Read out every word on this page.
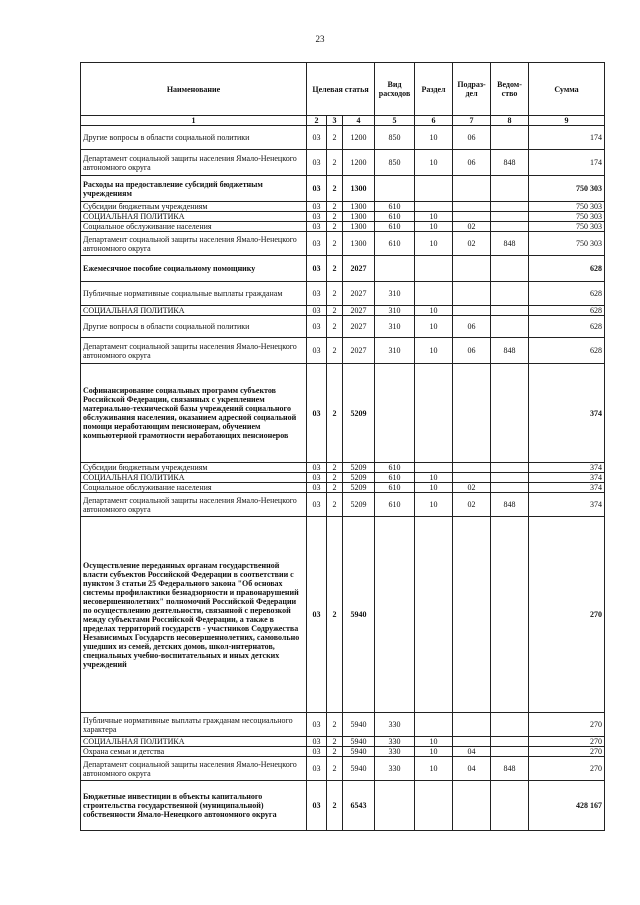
23
Наименование	Целевая статья			Вид расходов	Раздел	Подраз-дел	Ведом-ство	Сумма
1	2	3	4	5	6	7	8	9
Другие вопросы в области социальной политики	03	2	1200	850	10	06		174
Департамент социальной защиты населения Ямало-Ненецкого автономного округа	03	2	1200	850	10	06	848	174
Расходы на предоставление субсидий бюджетным учреждениям	03	2	1300					750 303
Субсидии бюджетным учреждениям	03	2	1300	610				750 303
СОЦИАЛЬНАЯ ПОЛИТИКА	03	2	1300	610	10			750 303
Социальное обслуживание населения	03	2	1300	610	10	02		750 303
Департамент социальной защиты населения Ямало-Ненецкого автономного округа	03	2	1300	610	10	02	848	750 303
Ежемесячное пособие социальному помощнику	03	2	2027					628
Публичные нормативные социальные выплаты гражданам	03	2	2027	310				628
СОЦИАЛЬНАЯ ПОЛИТИКА	03	2	2027	310	10			628
Другие вопросы в области социальной политики	03	2	2027	310	10	06		628
Департамент социальной защиты населения Ямало-Ненецкого автономного округа	03	2	2027	310	10	06	848	628
Софинансирование социальных программ субъектов Российской Федерации, связанных с укреплением материально-технической базы учреждений социального обслуживания населения, оказанием адресной социальной помощи неработающим пенсионерам, обучением компьютерной грамотности неработающих пенсионеров	03	2	5209					374
Субсидии бюджетным учреждениям	03	2	5209	610				374
СОЦИАЛЬНАЯ ПОЛИТИКА	03	2	5209	610	10			374
Социальное обслуживание населения	03	2	5209	610	10	02		374
Департамент социальной защиты населения Ямало-Ненецкого автономного округа	03	2	5209	610	10	02	848	374
Осуществление переданных органам государственной власти субъектов Российской Федерации в соответствии с пунктом 3 статьи 25 Федерального закона "Об основах системы профилактики безнадзорности и правонарушений несовершеннолетних" полномочий Российской Федерации по осуществлению деятельности, связанной с перевозкой между субъектами Российской Федерации, а также в пределах территорий государств - участников Содружества Независимых Государств несовершеннолетних, самовольно ушедших из семей, детских домов, школ-интернатов, специальных учебно-воспитательных и иных детских учреждений	03	2	5940					270
Публичные нормативные выплаты гражданам несоциального характера	03	2	5940	330				270
СОЦИАЛЬНАЯ ПОЛИТИКА	03	2	5940	330	10			270
Охрана семьи и детства	03	2	5940	330	10	04		270
Департамент социальной защиты населения Ямало-Ненецкого автономного округа	03	2	5940	330	10	04	848	270
Бюджетные инвестиции в объекты капитального строительства государственной (муниципальной) собственности Ямало-Ненецкого автономного округа	03	2	6543					428 167
